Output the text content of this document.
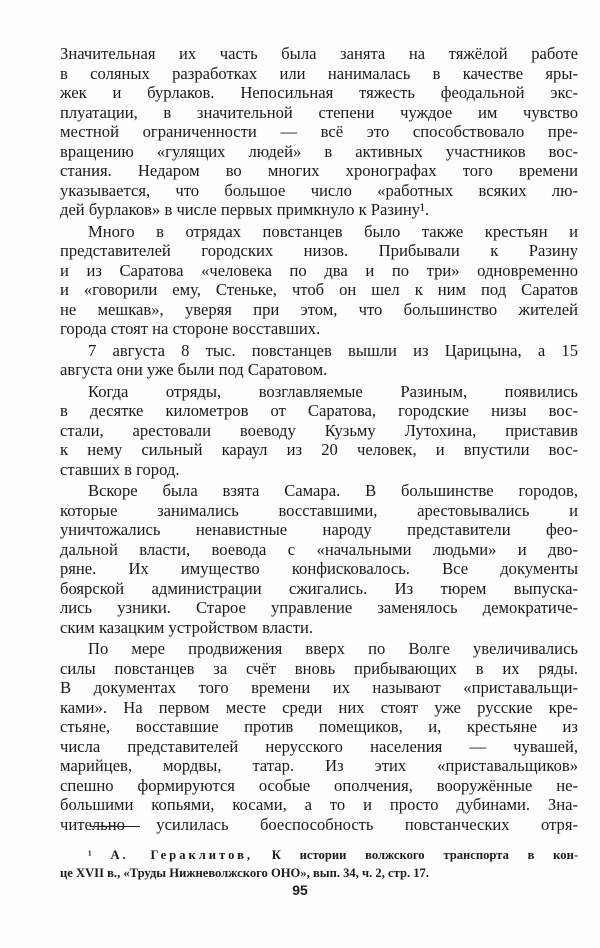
Значительная их часть была занята на тяжёлой работе
в соляных разработках или нанималась в качестве яры-
жек и бурлаков. Непосильная тяжесть феодальной экс-
плуатации, в значительной степени чуждое им чувство
местной ограниченности — всё это способствовало пре-
вращению «гулящих людей» в активных участников вос-
стания. Недаром во многих хронографах того времени
указывается, что большое число «работных всяких лю-
дей бурлаков» в числе первых примкнуло к Разину¹.
Много в отрядах повстанцев было также крестьян и
представителей городских низов. Прибывали к Разину
и из Саратова «человека по два и по три» одновременно
и «говорили ему, Стеньке, чтоб он шел к ним под Саратов
не мешкав», уверяя при этом, что большинство жителей
города стоят на стороне восставших.
7 августа 8 тыс. повстанцев вышли из Царицына, а 15
августа они уже были под Саратовом.
Когда отряды, возглавляемые Разиным, появились
в десятке километров от Саратова, городские низы вос-
стали, арестовали воеводу Кузьму Лутохина, приставив
к нему сильный караул из 20 человек, и впустили вос-
ставших в город.
Вскоре была взята Самара. В большинстве городов,
которые занимались восставшими, арестовывались и
уничтожались ненавистные народу представители фео-
дальной власти, воевода с «начальными людьми» и дво-
ряне. Их имущество конфисковалось. Все документы
боярской администрации сжигались. Из тюрем выпуска-
лись узники. Старое управление заменялось демократиче-
ским казацким устройством власти.
По мере продвижения вверх по Волге увеличивались
силы повстанцев за счёт вновь прибывающих в их ряды.
В документах того времени их называют «приставальщи-
ками». На первом месте среди них стоят уже русские кре-
стьяне, восставшие против помещиков, и, крестьяне из
числа представителей нерусского населения — чувашей,
марийцев, мордвы, татар. Из этих «приставальщиков»
спешно формируются особые ополчения, вооружённые не-
большими копьями, косами, а то и просто дубинами. Зна-
чительно усилилась боеспособность повстанческих отря-
¹ А. Гераклитов, К истории волжского транспорта в кон-
це XVII в., «Труды Нижневолжского ОНО», вып. 34, ч. 2, стр. 17.
95
